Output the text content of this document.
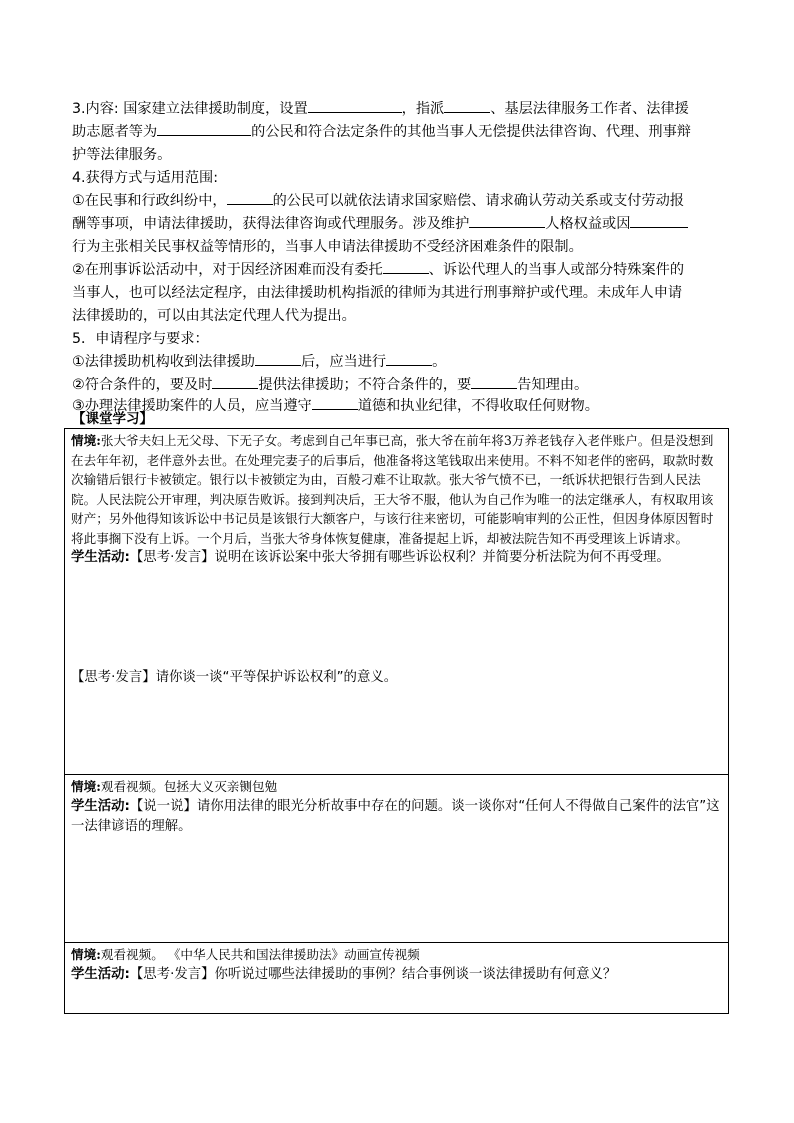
3.内容: 国家建立法律援助制度，设置	，指派	、基层法律服务工作者、法律援
助志愿者等为	的公民和符合法定条件的其他当事人无偿提供法律咨询、代理、刑事辩
护等法律服务。
4.获得方式与适用范围:
①在民事和行政纠纷中，	的公民可以就依法请求国家赔偿、请求确认劳动关系或支付劳动报
酬等事项，申请法律援助，获得法律咨询或代理服务。涉及维护	人格权益或因
行为主张相关民事权益等情形的，当事人申请法律援助不受经济困难条件的限制。
②在刑事诉讼活动中，对于因经济困难而没有委托	、诉讼代理人的当事人或部分特殊案件的
当事人，也可以经法定程序，由法律援助机构指派的律师为其进行刑事辩护或代理。未成年人申请
法律援助的，可以由其法定代理人代为提出。
5．申请程序与要求：
①法律援助机构收到法律援助	后，应当进行	。
②符合条件的，要及时	提供法律援助；不符合条件的，要	告知理由。
③办理法律援助案件的人员，应当遵守	道德和执业纪律，不得收取任何财物。
【课堂学习】
情境:张大爷夫妇上无父母、下无子女。考虑到自己年事已高，张大爷在前年将3万养老钱存入老伴账户。但是没想到在去年年初，老伴意外去世。在处理完妻子的后事后，他准备将这笔钱取出来使用。不料不知老伴的密码，取款时数次输错后银行卡被锁定。银行以卡被锁定为由，百般刁难不让取款。张大爷气愤不已，一纸诉状把银行告到人民法院。人民法院公开审理，判决原告败诉。接到判决后，王大爷不服，他认为自己作为唯一的法定继承人，有权取用该财产；另外他得知该诉讼中书记员是该银行大额客户，与该行往来密切，可能影响审判的公正性，但因身体原因暂时将此事搁下没有上诉。一个月后，当张大爷身体恢复健康，准备提起上诉，却被法院告知不再受理该上诉请求。
学生活动:【思考·发言】说明在该诉讼案中张大爷拥有哪些诉讼权利？并简要分析法院为何不再受理。
【思考·发言】请你谈一谈“平等保护诉讼权利”的意义。

情境:观看视频。包拯大义灭亲铡包勉
学生活动:【说一说】请你用法律的眼光分析故事中存在的问题。谈一谈你对“任何人不得做自己案件的法官”这一法律谚语的理解。

情境:观看视频。 《中华人民共和国法律援助法》动画宣传视频
学生活动:【思考·发言】你听说过哪些法律援助的事例？结合事例谈一谈法律援助有何意义？
